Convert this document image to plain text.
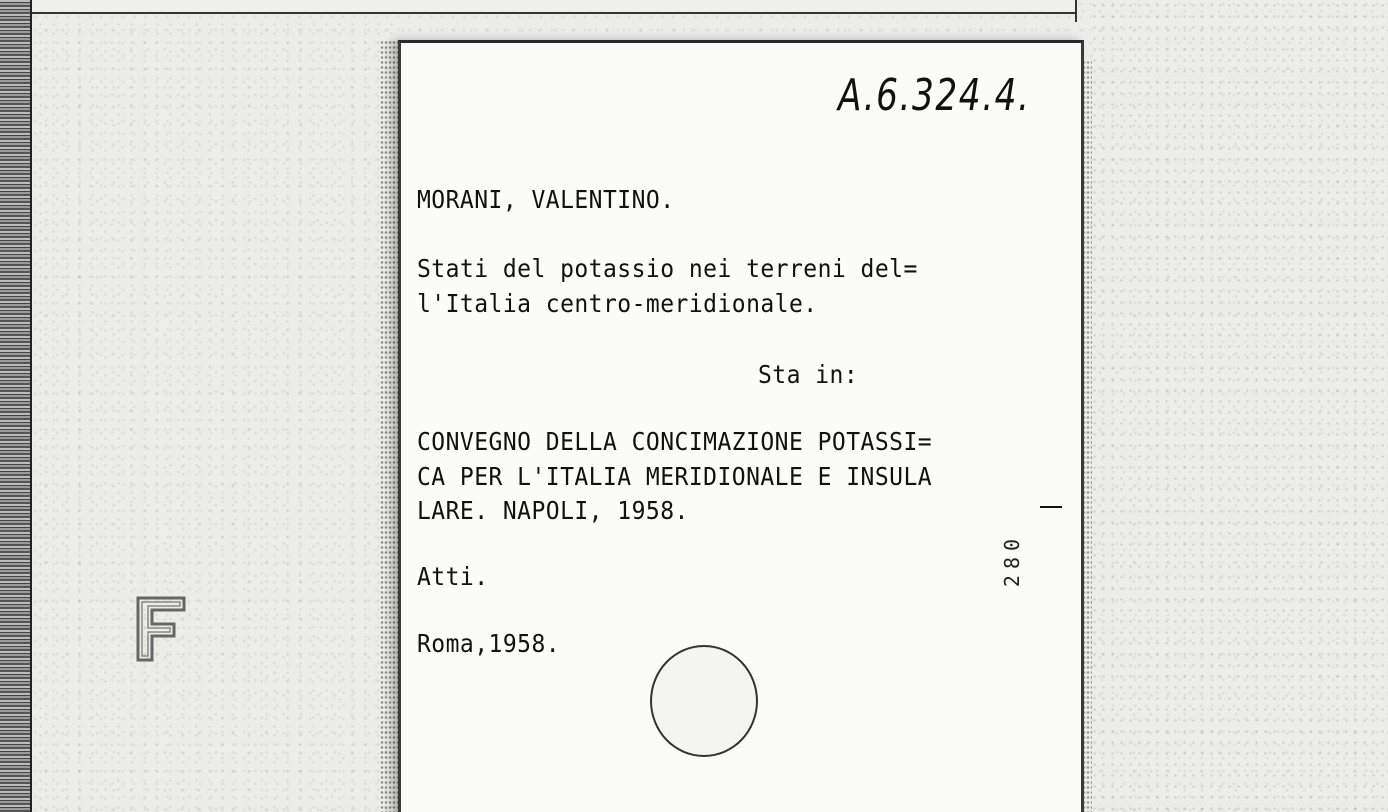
A.6.324.4.
MORANI, VALENTINO.
Stati del potassio nei terreni del=
l'Italia centro-meridionale.
Sta in:
CONVEGNO DELLA CONCIMAZIONE POTASSI=
CA PER L'ITALIA MERIDIONALE E INSULA
LARE. NAPOLI, 1958.
280
Atti.
Roma,1958.
